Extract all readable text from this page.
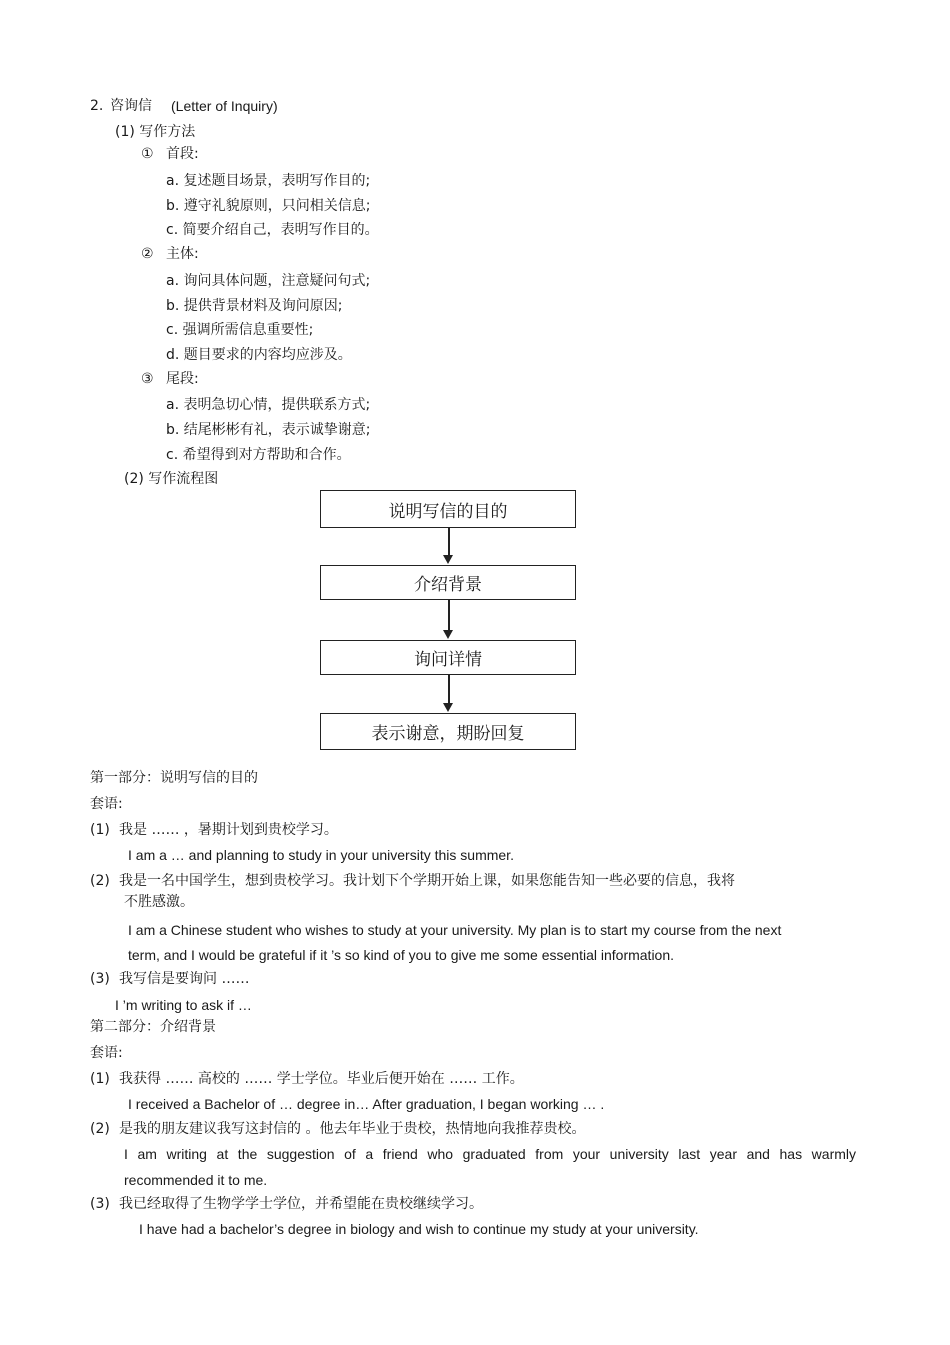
2. 咨询信 (Letter of Inquiry)
(1) 写作方法
① 首段:
a. 复述题目场景，表明写作目的;
b. 遵守礼貌原则，只问相关信息;
c. 简要介绍自己，表明写作目的。
② 主体:
a. 询问具体问题，注意疑问句式;
b. 提供背景材料及询问原因;
c. 强调所需信息重要性;
d. 题目要求的内容均应涉及。
③ 尾段:
a. 表明急切心情，提供联系方式;
b. 结尾彬彬有礼，表示诚挚谢意;
c. 希望得到对方帮助和合作。
(2) 写作流程图
说明写信的目的
介绍背景
询问详情
表示谢意，期盼回复
第一部分：说明写信的目的
套语:
(1) 我是 …… ，暑期计划到贵校学习。
I am a … and planning to study in your university this summer.
(2) 我是一名中国学生，想到贵校学习。我计划下个学期开始上课，如果您能告知一些必要的信息，我将
不胜感激。
I am a Chinese student who wishes to study at your university. My plan is to start my course from the next
term, and I would be grateful if it ’s so kind of you to give me some essential information.
(3) 我写信是要询问 ……
I ’m writing to ask if …
第二部分：介绍背景
套语:
(1) 我获得 …… 高校的 …… 学士学位。毕业后便开始在 …… 工作。
I received a Bachelor of … degree in… After graduation, I began working … .
(2) 是我的朋友建议我写这封信的 。他去年毕业于贵校，热情地向我推荐贵校。
I am writing at the suggestion of a friend who graduated from your university last year and has warmly
recommended it to me.
(3) 我已经取得了生物学学士学位，并希望能在贵校继续学习。
I have had a bachelor’s degree in biology and wish to continue my study at your university.
